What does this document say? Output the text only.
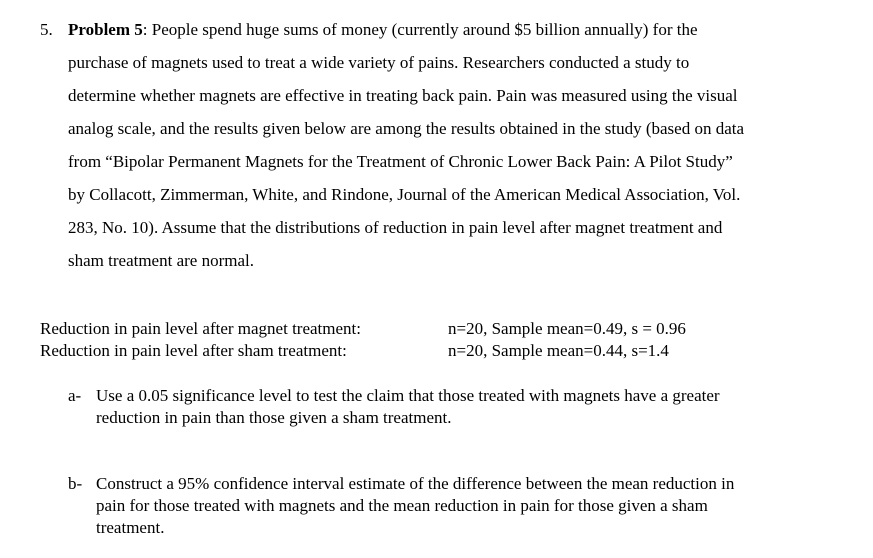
5. Problem 5: People spend huge sums of money (currently around $5 billion annually) for the
purchase of magnets used to treat a wide variety of pains. Researchers conducted a study to
determine whether magnets are effective in treating back pain. Pain was measured using the visual
analog scale, and the results given below are among the results obtained in the study (based on data
from “Bipolar Permanent Magnets for the Treatment of Chronic Lower Back Pain: A Pilot Study”
by Collacott, Zimmerman, White, and Rindone, Journal of the American Medical Association, Vol.
283, No. 10). Assume that the distributions of reduction in pain level after magnet treatment and
sham treatment are normal.
Reduction in pain level after magnet treatment:	n=20, Sample mean=0.49, s = 0.96
Reduction in pain level after sham treatment:	n=20, Sample mean=0.44, s=1.4
a- Use a 0.05 significance level to test the claim that those treated with magnets have a greater
reduction in pain than those given a sham treatment.
b- Construct a 95% confidence interval estimate of the difference between the mean reduction in
pain for those treated with magnets and the mean reduction in pain for those given a sham
treatment.
